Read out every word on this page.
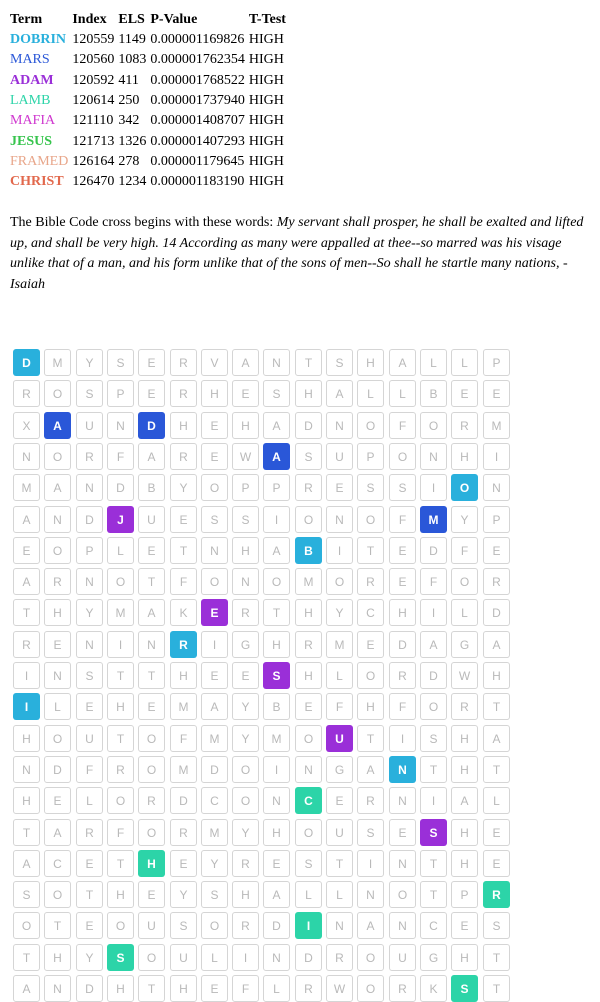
Term	Index	ELS	P-Value	T-Test
DOBRIN	120559	1149	0.000001169826	HIGH
MARS	120560	1083	0.000001762354	HIGH
ADAM	120592	411	0.000001768522	HIGH
LAMB	120614	250	0.000001737940	HIGH
MAFIA	121110	342	0.000001408707	HIGH
JESUS	121713	1326	0.000001407293	HIGH
FRAMED	126164	278	0.000001179645	HIGH
CHRIST	126470	1234	0.000001183190	HIGH

The Bible Code cross begins with these words: My servant shall prosper, he shall be exalted and lifted up, and shall be very high. 14 According as many were appalled at thee--so marred was his visage unlike that of a man, and his form unlike that of the sons of men--So shall he startle many nations, - Isaiah

D	M	Y	S	E	R	V	A	N	T	S	H	A	L	L	P
R	O	S	P	E	R	H	E	S	H	A	L	L	B	E	E
X	A	U	N	D	H	E	H	A	D	N	O	F	O	R	M
N	O	R	F	A	R	E	W	A	S	U	P	O	N	H	I
M	A	N	D	B	Y	O	P	P	R	E	S	S	I	O	N
A	N	D	J	U	E	S	S	I	O	N	O	F	M	Y	P
E	O	P	L	E	T	N	H	A	B	I	T	E	D	F	E
A	R	N	O	T	F	O	N	O	M	O	R	E	F	O	R
T	H	Y	M	A	K	E	R	T	H	Y	C	H	I	L	D
R	E	N	I	N	R	I	G	H	R	M	E	D	A	G	A
I	N	S	T	T	H	E	E	S	H	L	O	R	D	W	H
I	L	E	H	E	M	A	Y	B	E	F	H	F	O	R	T
H	O	U	T	O	F	M	Y	M	O	U	T	I	S	H	A
N	D	F	R	O	M	D	O	I	N	G	A	N	T	H	T
H	E	L	O	R	D	C	O	N	C	E	R	N	I	A	L
T	A	R	F	O	R	M	Y	H	O	U	S	E	S	H	E
A	C	E	T	H	E	Y	R	E	S	T	I	N	T	H	E
S	O	T	H	E	Y	S	H	A	L	L	N	O	T	P	R
O	T	E	O	U	S	O	R	D	I	N	A	N	C	E	S
T	H	Y	S	O	U	L	I	N	D	R	O	U	G	H	T
A	N	D	H	T	H	E	F	L	R	W	O	R	K	S	T
